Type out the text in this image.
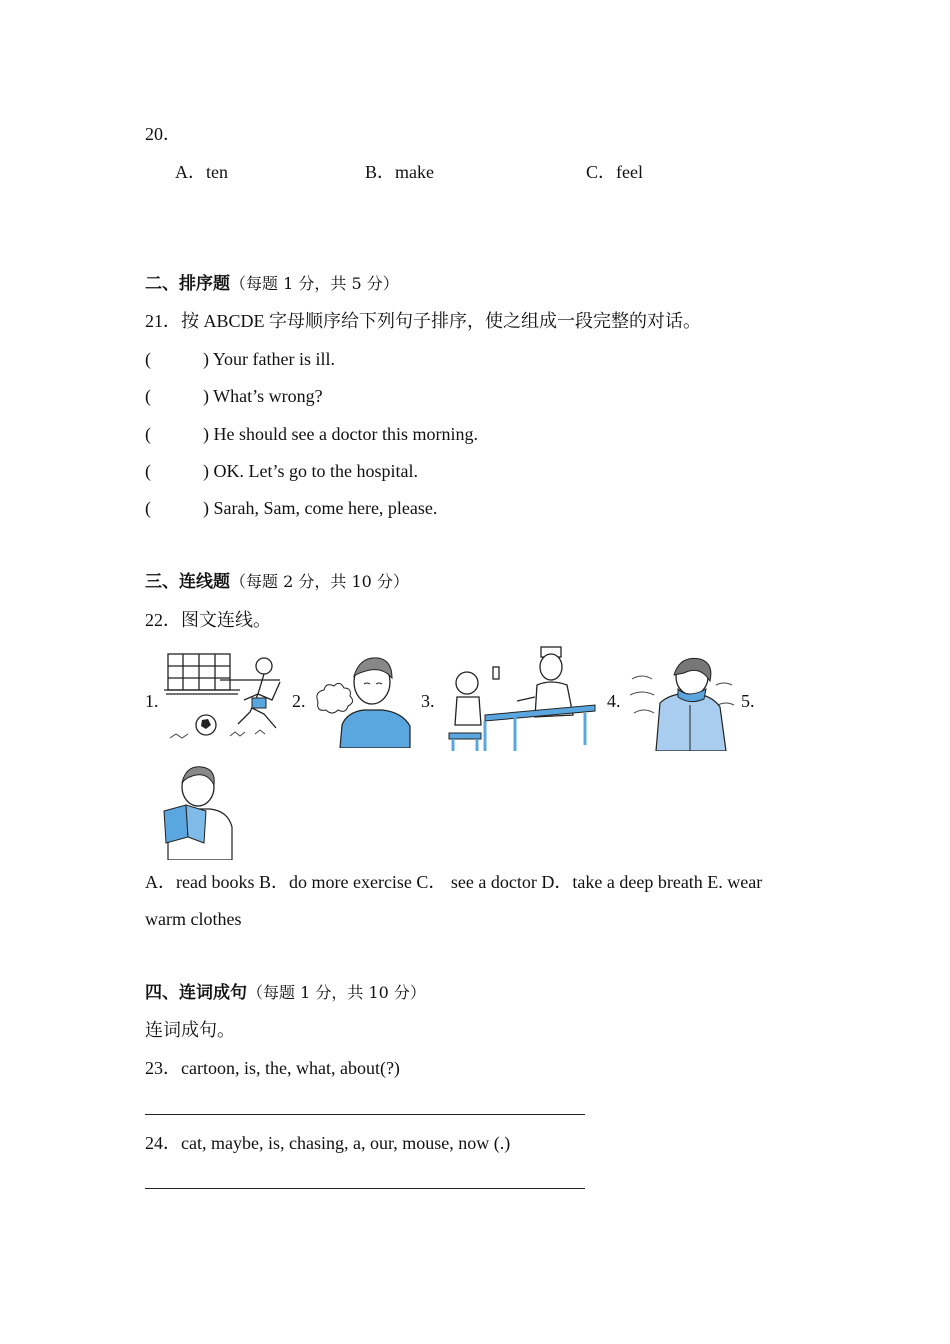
20．
A．ten	B．make	C．feel
二、排序题（每题 1 分，共 5 分）
21．按 ABCDE 字母顺序给下列句子排序，使之组成一段完整的对话。
(	) Your father is ill.
(	) What’s wrong?
(	) He should see a doctor this morning.
(	) OK. Let’s go to the hospital.
(	) Sarah, Sam, come here, please.
三、连线题（每题 2 分，共 10 分）
22．图文连线。
1.	2.	3.	4.	5.
A．read books B．do more exercise C． see a doctor D．take a deep breath E. wear
warm clothes
四、连词成句（每题 1 分，共 10 分）
连词成句。
23．cartoon, is, the, what, about(?)
24．cat, maybe, is, chasing, a, our, mouse, now (.)
